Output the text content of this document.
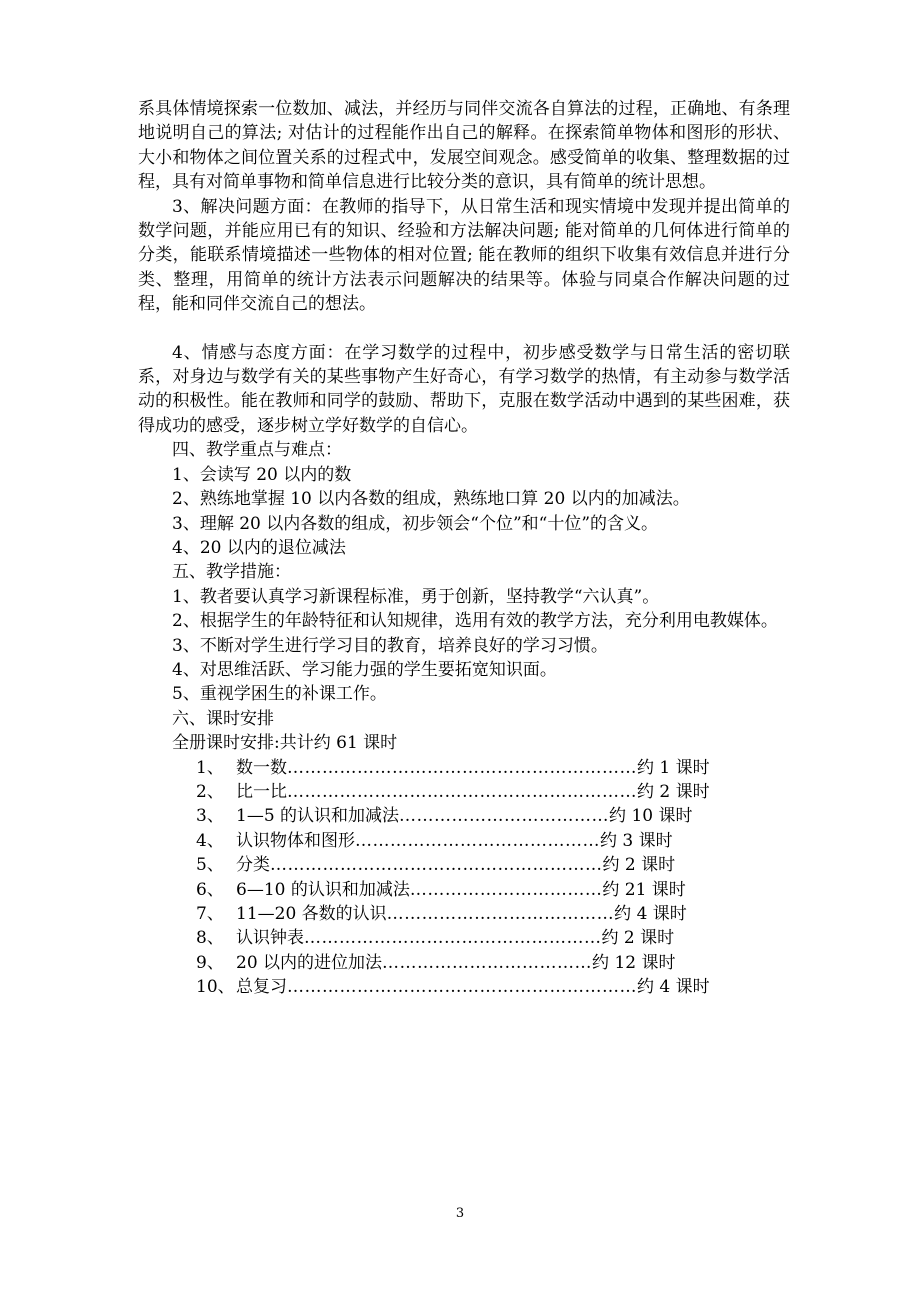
系具体情境探索一位数加、减法，并经历与同伴交流各自算法的过程，正确地、有条理地说明自己的算法; 对估计的过程能作出自己的解释。在探索简单物体和图形的形状、大小和物体之间位置关系的过程式中，发展空间观念。感受简单的收集、整理数据的过程，具有对简单事物和简单信息进行比较分类的意识，具有简单的统计思想。

3、解决问题方面：在教师的指导下，从日常生活和现实情境中发现并提出简单的数学问题，并能应用已有的知识、经验和方法解决问题; 能对简单的几何体进行简单的分类，能联系情境描述一些物体的相对位置; 能在教师的组织下收集有效信息并进行分类、整理，用简单的统计方法表示问题解决的结果等。体验与同桌合作解决问题的过程，能和同伴交流自己的想法。

4、情感与态度方面：在学习数学的过程中，初步感受数学与日常生活的密切联系，对身边与数学有关的某些事物产生好奇心，有学习数学的热情，有主动参与数学活动的积极性。能在教师和同学的鼓励、帮助下，克服在数学活动中遇到的某些困难，获得成功的感受，逐步树立学好数学的自信心。

四、教学重点与难点：

1、会读写 20 以内的数

2、熟练地掌握 10 以内各数的组成，熟练地口算 20 以内的加减法。

3、理解 20 以内各数的组成，初步领会“个位”和“十位”的含义。

4、20 以内的退位减法

五、教学措施：

1、教者要认真学习新课程标准，勇于创新，坚持教学“六认真”。

2、根据学生的年龄特征和认知规律，选用有效的教学方法，充分利用电教媒体。

3、不断对学生进行学习目的教育，培养良好的学习习惯。

4、对思维活跃、学习能力强的学生要拓宽知识面。

5、重视学困生的补课工作。

六、课时安排

全册课时安排:共计约 61 课时

1、 数一数 …………………………………………………… 约 1 课时
2、 比一比 …………………………………………………… 约 2 课时
3、 1—5 的认识和加减法 ……………………………… 约 10 课时
4、 认识物体和图形 …………………………………… 约 3 课时
5、 分类 ………………………………………………… 约 2 课时
6、 6—10 的认识和加减法 …………………………… 约 21 课时
7、 11—20 各数的认识 ………………………………… 约 4 课时
8、 认识钟表 …………………………………………… 约 2 课时
9、 20 以内的进位加法 ……………………………… 约 12 课时
10、 总复习 …………………………………………………… 约 4 课时
3
